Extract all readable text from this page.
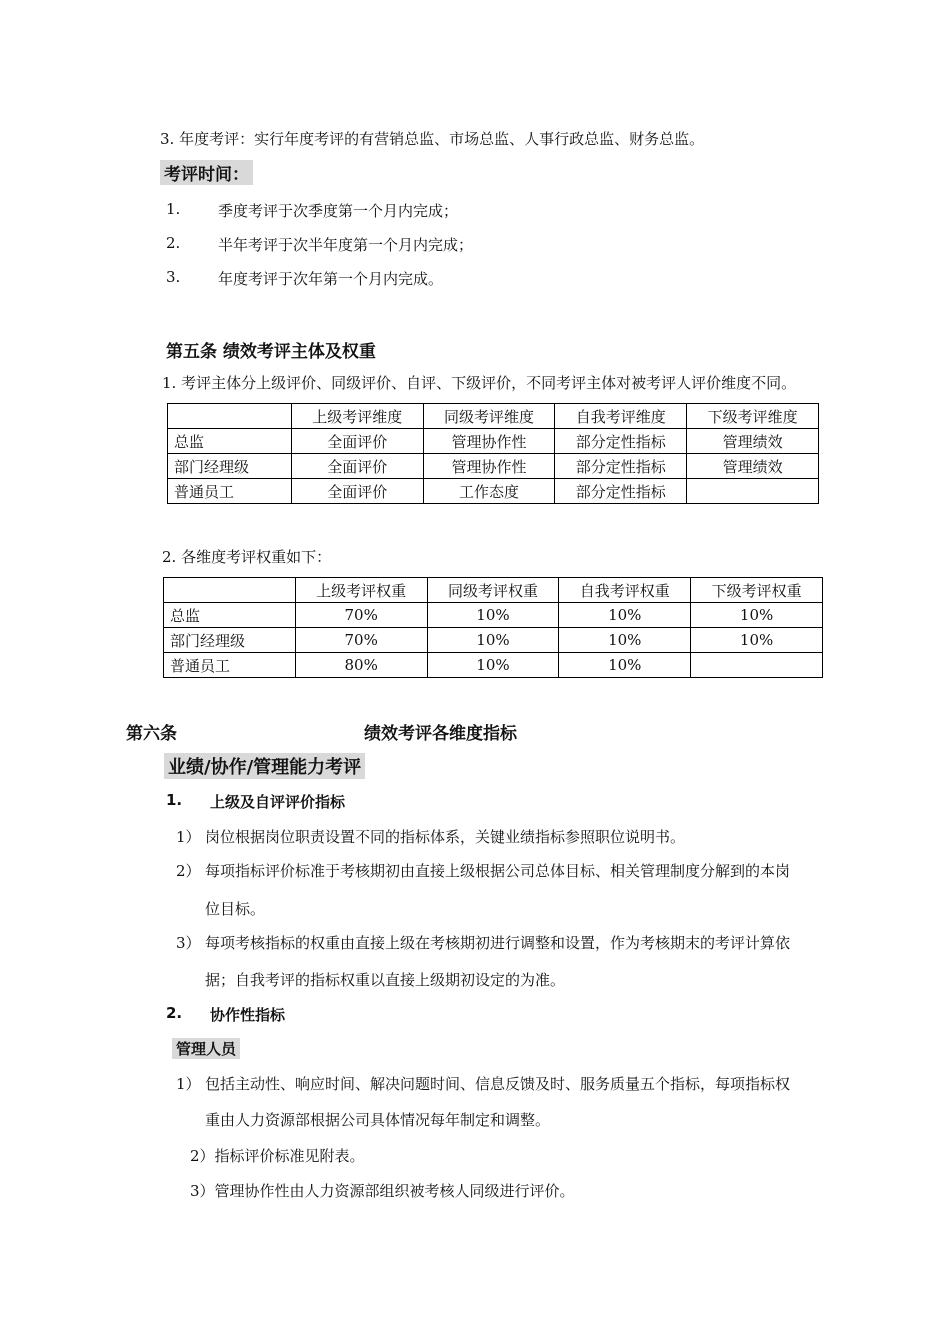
3. 年度考评：实行年度考评的有营销总监、市场总监、人事行政总监、财务总监。
考评时间：
1.	季度考评于次季度第一个月内完成；
2.	半年考评于次半年度第一个月内完成；
3.	年度考评于次年第一个月内完成。
第五条 绩效考评主体及权重
1. 考评主体分上级评价、同级评价、自评、下级评价，不同考评主体对被考评人评价维度不同。
	上级考评维度	同级考评维度	自我考评维度	下级考评维度
总监	全面评价	管理协作性	部分定性指标	管理绩效
部门经理级	全面评价	管理协作性	部分定性指标	管理绩效
普通员工	全面评价	工作态度	部分定性指标	
2. 各维度考评权重如下：
	上级考评权重	同级考评权重	自我考评权重	下级考评权重
总监	70%	10%	10%	10%
部门经理级	70%	10%	10%	10%
普通员工	80%	10%	10%	
第六条	绩效考评各维度指标
业绩/协作/管理能力考评
1. 上级及自评评价指标
1） 岗位根据岗位职责设置不同的指标体系，关键业绩指标参照职位说明书。
2） 每项指标评价标准于考核期初由直接上级根据公司总体目标、相关管理制度分解到的本岗
位目标。
3） 每项考核指标的权重由直接上级在考核期初进行调整和设置，作为考核期末的考评计算依
据；自我考评的指标权重以直接上级期初设定的为准。
2. 协作性指标
管理人员
1） 包括主动性、响应时间、解决问题时间、信息反馈及时、服务质量五个指标，每项指标权
重由人力资源部根据公司具体情况每年制定和调整。
2）指标评价标准见附表。
3）管理协作性由人力资源部组织被考核人同级进行评价。
